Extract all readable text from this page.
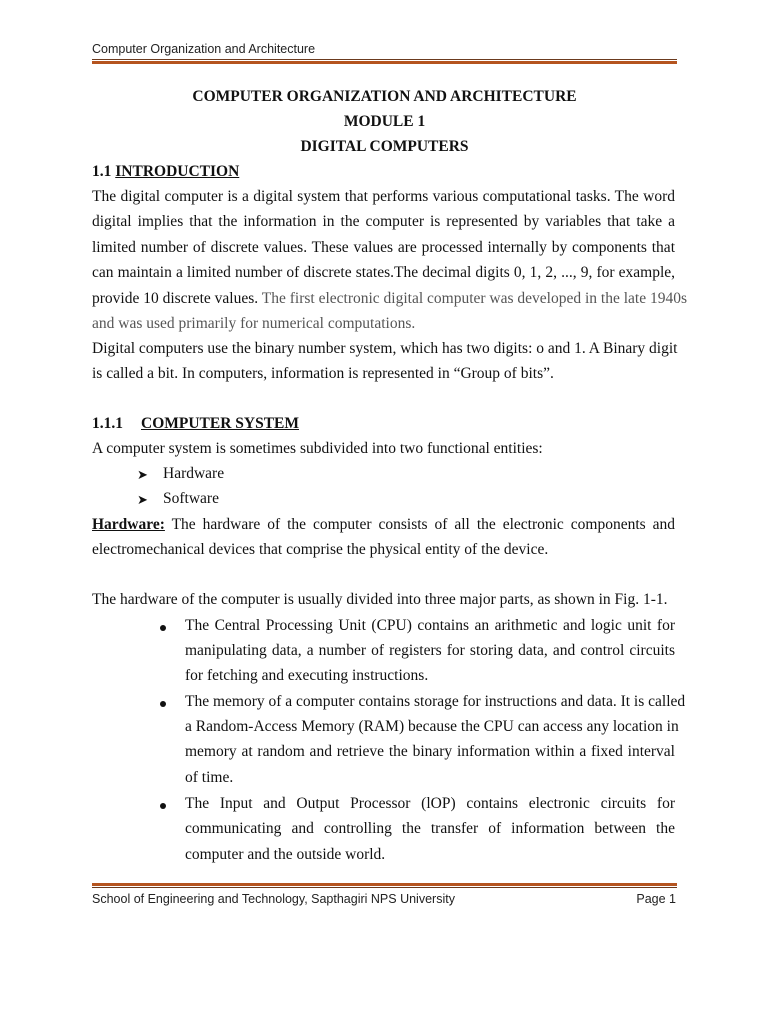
Computer Organization and Architecture
COMPUTER ORGANIZATION AND ARCHITECTURE
MODULE 1
DIGITAL COMPUTERS
1.1 INTRODUCTION
The digital computer is a digital system that performs various computational tasks. The word
digital implies that the information in the computer is represented by variables that take a
limited number of discrete values. These values are processed internally by components that
can maintain a limited number of discrete states.The decimal digits 0, 1, 2, ..., 9, for example,
provide 10 discrete values. The first electronic digital computer was developed in the late 1940s
and was used primarily for numerical computations.
Digital computers use the binary number system, which has two digits: o and 1. A Binary digit
is called a bit. In computers, information is represented in “Group of bits”.
1.1.1 COMPUTER SYSTEM
A computer system is sometimes subdivided into two functional entities:
➤ Hardware
➤ Software
Hardware: The hardware of the computer consists of all the electronic components and
electromechanical devices that comprise the physical entity of the device.
The hardware of the computer is usually divided into three major parts, as shown in Fig. 1-1.
The Central Processing Unit (CPU) contains an arithmetic and logic unit for
manipulating data, a number of registers for storing data, and control circuits
for fetching and executing instructions.
The memory of a computer contains storage for instructions and data. It is called
a Random-Access Memory (RAM) because the CPU can access any location in
memory at random and retrieve the binary information within a fixed interval
of time.
The Input and Output Processor (lOP) contains electronic circuits for
communicating and controlling the transfer of information between the
computer and the outside world.
School of Engineering and Technology, Sapthagiri NPS University	Page 1
